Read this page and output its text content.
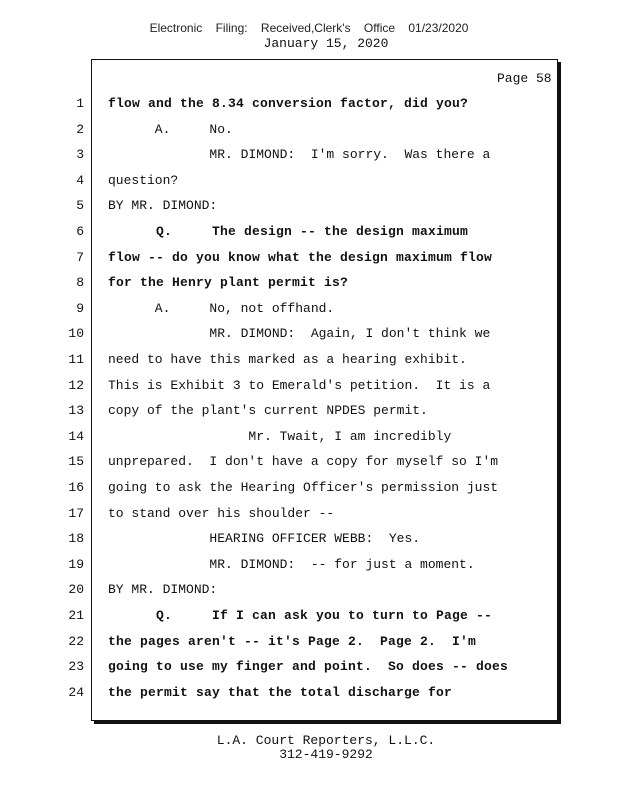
Electronic Filing: Received,Clerk's Office 01/23/2020
January 15, 2020
Page 58
1 flow and the 8.34 conversion factor, did you?
2 A.     No.
3 MR. DIMOND:  I'm sorry.  Was there a
4 question?
5 BY MR. DIMOND:
6 Q.     The design -- the design maximum
7 flow -- do you know what the design maximum flow
8 for the Henry plant permit is?
9 A.     No, not offhand.
10 MR. DIMOND:  Again, I don't think we
11 need to have this marked as a hearing exhibit.
12 This is Exhibit 3 to Emerald's petition.  It is a
13 copy of the plant's current NPDES permit.
14 Mr. Twait, I am incredibly
15 unprepared.  I don't have a copy for myself so I'm
16 going to ask the Hearing Officer's permission just
17 to stand over his shoulder --
18 HEARING OFFICER WEBB:  Yes.
19 MR. DIMOND:  -- for just a moment.
20 BY MR. DIMOND:
21 Q.     If I can ask you to turn to Page --
22 the pages aren't -- it's Page 2.  Page 2.  I'm
23 going to use my finger and point.  So does -- does
24 the permit say that the total discharge for
L.A. Court Reporters, L.L.C.
312-419-9292
